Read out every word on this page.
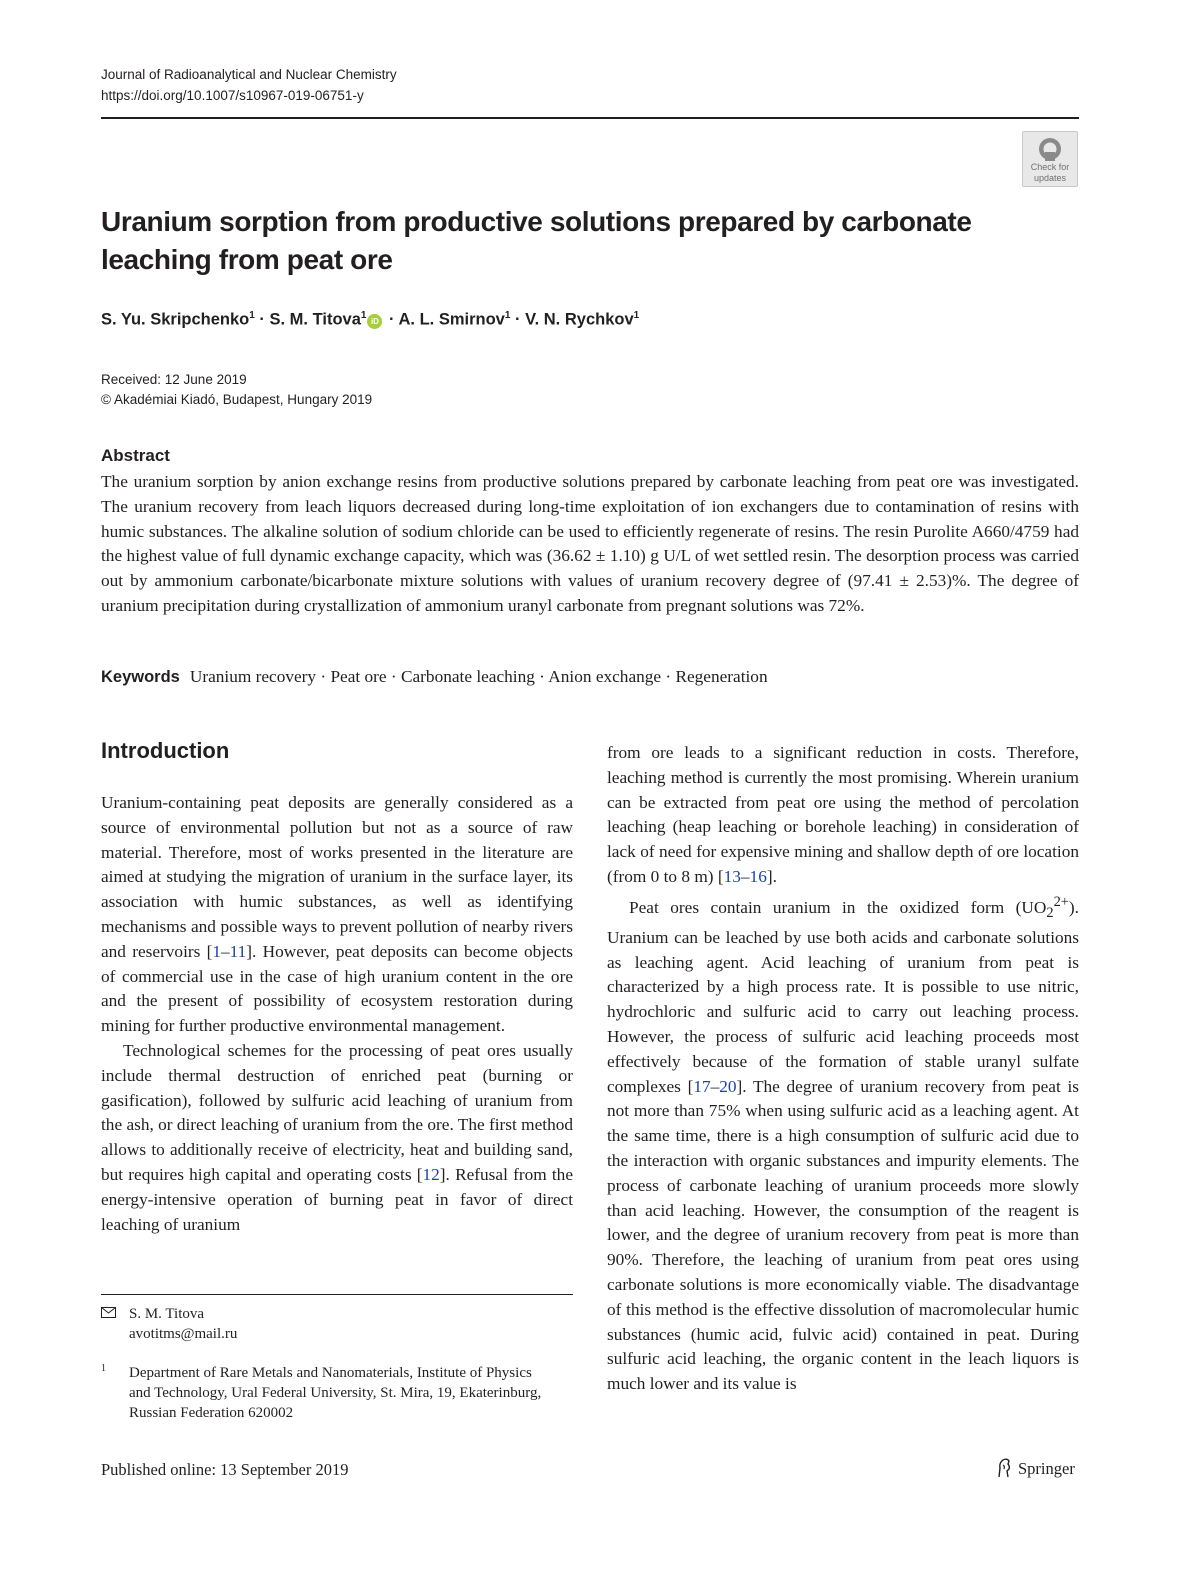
Journal of Radioanalytical and Nuclear Chemistry
https://doi.org/10.1007/s10967-019-06751-y
Check for
updates
Uranium sorption from productive solutions prepared by carbonate
leaching from peat ore
S. Yu. Skripchenko$^1$ · S. M. Titova$^1$ iD · A. L. Smirnov$^1$ · V. N. Rychkov$^1$
Received: 12 June 2019
© Akadémiai Kiadó, Budapest, Hungary 2019
Abstract
The uranium sorption by anion exchange resins from productive solutions prepared by carbonate leaching from peat ore was investigated. The uranium recovery from leach liquors decreased during long-time exploitation of ion exchangers due to contamination of resins with humic substances. The alkaline solution of sodium chloride can be used to efficiently regenerate of resins. The resin Purolite A660/4759 had the highest value of full dynamic exchange capacity, which was (36.62 ± 1.10) g U/L of wet settled resin. The desorption process was carried out by ammonium carbonate/bicarbonate mixture solutions with values of uranium recovery degree of (97.41 ± 2.53)%. The degree of uranium precipitation during crystallization of ammonium uranyl carbonate from pregnant solutions was 72%.
Keywords Uranium recovery · Peat ore · Carbonate leaching · Anion exchange · Regeneration
Introduction

Uranium-containing peat deposits are generally considered as a source of environmental pollution but not as a source of raw material. Therefore, most of works presented in the literature are aimed at studying the migration of uranium in the surface layer, its association with humic substances, as well as identifying mechanisms and possible ways to prevent pollution of nearby rivers and reservoirs [1–11]. However, peat deposits can become objects of commercial use in the case of high uranium content in the ore and the present of possibility of ecosystem restoration during mining for further productive environmental management.

Technological schemes for the processing of peat ores usually include thermal destruction of enriched peat (burning or gasification), followed by sulfuric acid leaching of uranium from the ash, or direct leaching of uranium from the ore. The first method allows to additionally receive of electricity, heat and building sand, but requires high capital and operating costs [12]. Refusal from the energy-intensive operation of burning peat in favor of direct leaching of uranium

from ore leads to a significant reduction in costs. Therefore, leaching method is currently the most promising. Wherein uranium can be extracted from peat ore using the method of percolation leaching (heap leaching or borehole leaching) in consideration of lack of need for expensive mining and shallow depth of ore location (from 0 to 8 m) [13–16].

Peat ores contain uranium in the oxidized form $(UO_2^{2+})$. Uranium can be leached by use both acids and carbonate solutions as leaching agent. Acid leaching of uranium from peat is characterized by a high process rate. It is possible to use nitric, hydrochloric and sulfuric acid to carry out leaching process. However, the process of sulfuric acid leaching proceeds most effectively because of the formation of stable uranyl sulfate complexes [17–20]. The degree of uranium recovery from peat is not more than 75% when using sulfuric acid as a leaching agent. At the same time, there is a high consumption of sulfuric acid due to the interaction with organic substances and impurity elements. The process of carbonate leaching of uranium proceeds more slowly than acid leaching. However, the consumption of the reagent is lower, and the degree of uranium recovery from peat is more than 90%. Therefore, the leaching of uranium from peat ores using carbonate solutions is more economically viable. The disadvantage of this method is the effective dissolution of macromolecular humic substances (humic acid, fulvic acid) contained in peat. During sulfuric acid leaching, the organic content in the leach liquors is much lower and its value is

S. M. Titova
avotitms@mail.ru
1 Department of Rare Metals and Nanomaterials, Institute of Physics and Technology, Ural Federal University, St. Mira, 19, Ekaterinburg, Russian Federation 620002
Published online: 13 September 2019	Springer
